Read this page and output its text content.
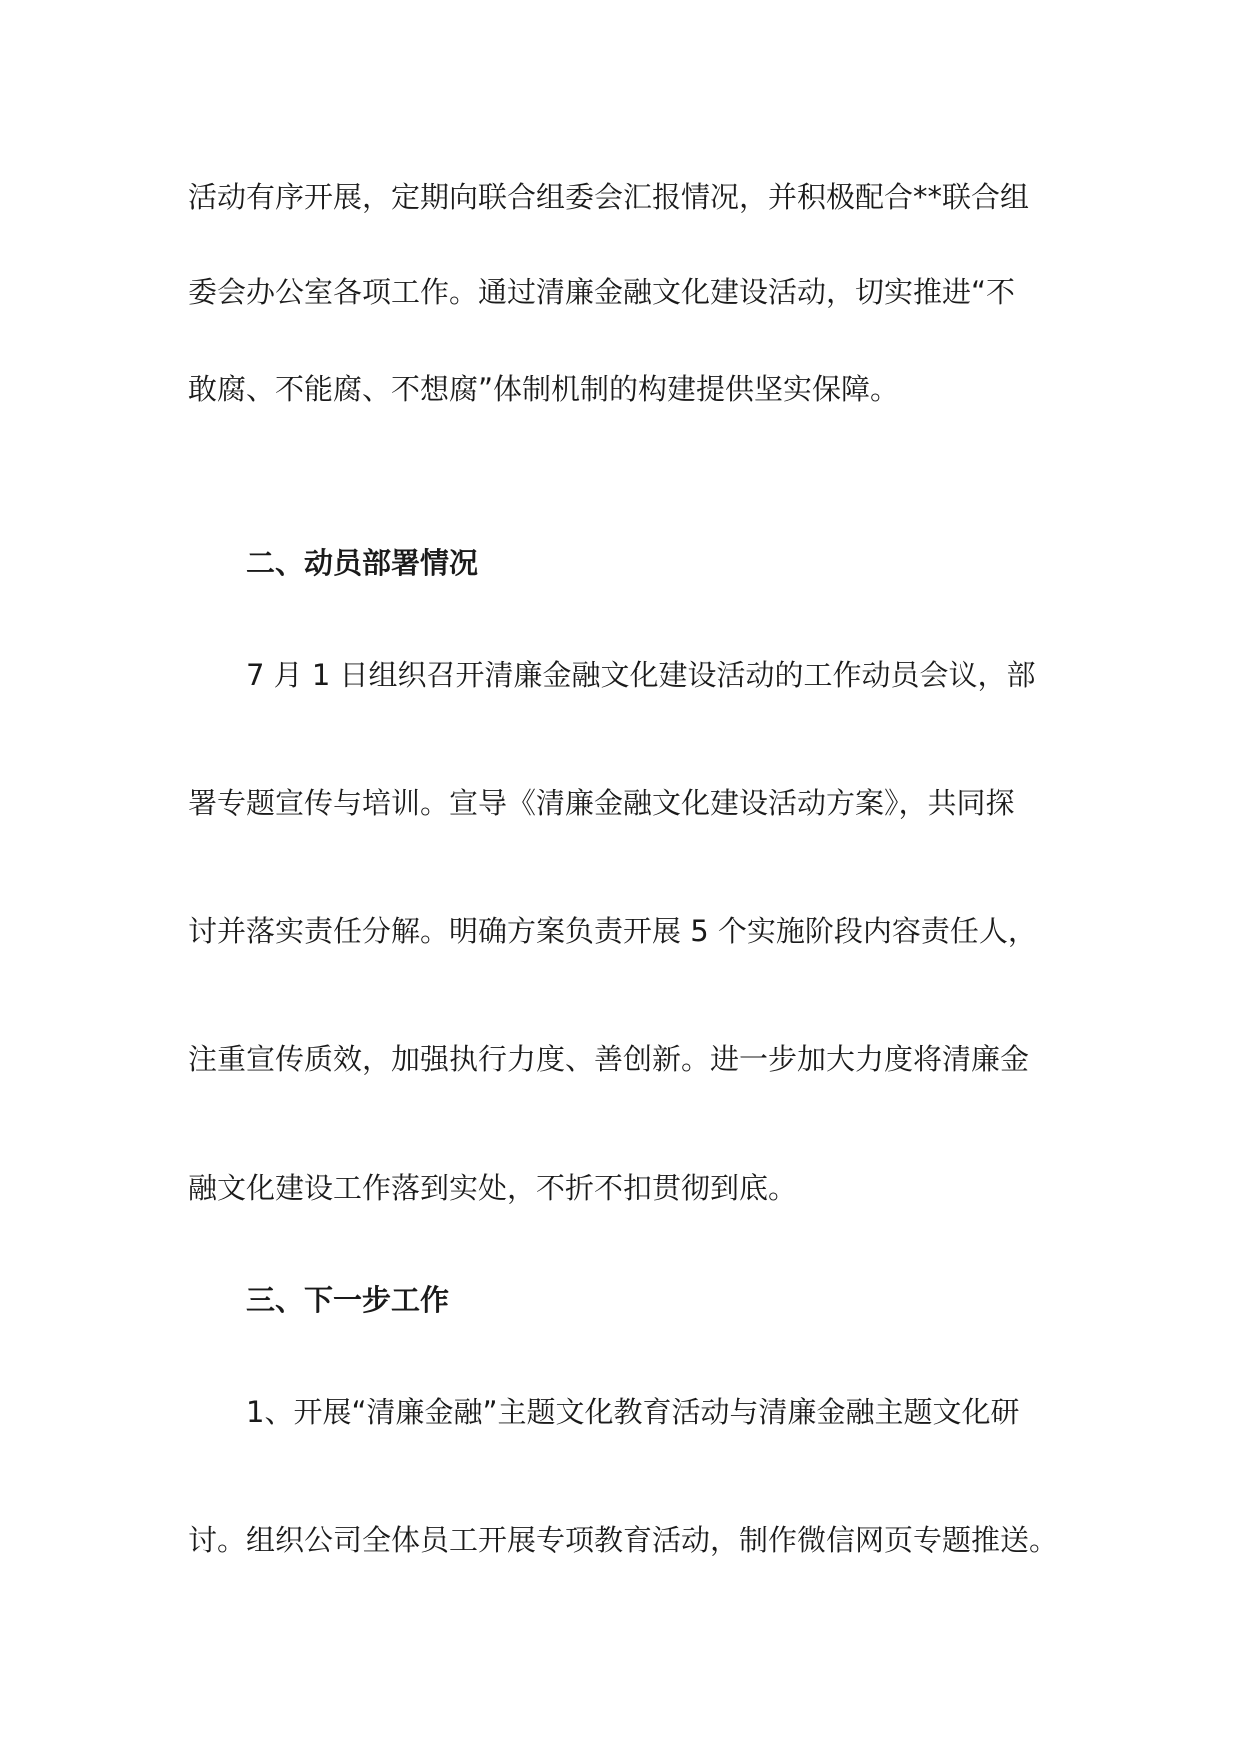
活动有序开展，定期向联合组委会汇报情况，并积极配合**联合组
委会办公室各项工作。通过清廉金融文化建设活动，切实推进“不
敢腐、不能腐、不想腐”体制机制的构建提供坚实保障。
二、动员部署情况
7 月 1 日组织召开清廉金融文化建设活动的工作动员会议，部
署专题宣传与培训。宣导《清廉金融文化建设活动方案》，共同探
讨并落实责任分解。明确方案负责开展 5 个实施阶段内容责任人，
注重宣传质效，加强执行力度、善创新。进一步加大力度将清廉金
融文化建设工作落到实处，不折不扣贯彻到底。
三、下一步工作
1、开展“清廉金融”主题文化教育活动与清廉金融主题文化研
讨。组织公司全体员工开展专项教育活动，制作微信网页专题推送。
